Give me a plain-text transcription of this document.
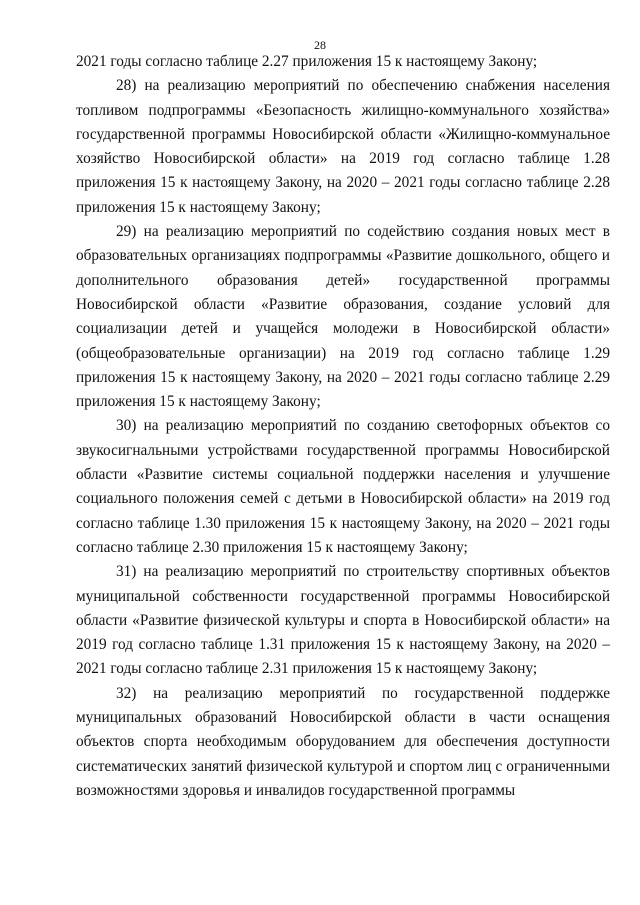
28

2021 годы согласно таблице 2.27 приложения 15 к настоящему Закону;

28) на реализацию мероприятий по обеспечению снабжения населения топливом подпрограммы «Безопасность жилищно-коммунального хозяйства» государственной программы Новосибирской области «Жилищно-коммунальное хозяйство Новосибирской области» на 2019 год согласно таблице 1.28 приложения 15 к настоящему Закону, на 2020 – 2021 годы согласно таблице 2.28 приложения 15 к настоящему Закону;

29) на реализацию мероприятий по содействию создания новых мест в образовательных организациях подпрограммы «Развитие дошкольного, общего и дополнительного образования детей» государственной программы Новосибирской области «Развитие образования, создание условий для социализации детей и учащейся молодежи в Новосибирской области» (общеобразовательные организации) на 2019 год согласно таблице 1.29 приложения 15 к настоящему Закону, на 2020 – 2021 годы согласно таблице 2.29 приложения 15 к настоящему Закону;

30) на реализацию мероприятий по созданию светофорных объектов со звукосигнальными устройствами государственной программы Новосибирской области «Развитие системы социальной поддержки населения и улучшение социального положения семей с детьми в Новосибирской области» на 2019 год согласно таблице 1.30 приложения 15 к настоящему Закону, на 2020 – 2021 годы согласно таблице 2.30 приложения 15 к настоящему Закону;

31) на реализацию мероприятий по строительству спортивных объектов муниципальной собственности государственной программы Новосибирской области «Развитие физической культуры и спорта в Новосибирской области» на 2019 год согласно таблице 1.31 приложения 15 к настоящему Закону, на 2020 – 2021 годы согласно таблице 2.31 приложения 15 к настоящему Закону;

32) на реализацию мероприятий по государственной поддержке муниципальных образований Новосибирской области в части оснащения объектов спорта необходимым оборудованием для обеспечения доступности систематических занятий физической культурой и спортом лиц с ограниченными возможностями здоровья и инвалидов государственной программы
